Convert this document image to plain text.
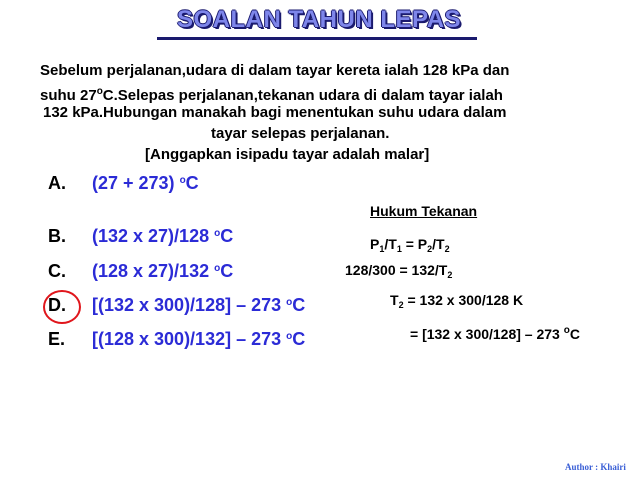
SOALAN TAHUN LEPAS
Sebelum perjalanan,udara di dalam tayar kereta ialah 128 kPa dan
suhu 27$^o$C.Selepas perjalanan,tekanan udara di dalam tayar ialah
132 kPa.Hubungan manakah bagi menentukan suhu udara dalam
tayar selepas perjalanan.
[Anggapkan isipadu tayar adalah malar]
A. (27 + 273) $^o$C
B. (132 x 27)/128 $^o$C
C. (128 x 27)/132 $^o$C
D. [(132 x 300)/128] – 273 $^o$C
E. [(128 x 300)/132] – 273 $^o$C
Hukum Tekanan
$P_1/T_1 = P_2/T_2$
$128/300 = 132/T_2$
$T_2 = 132$ x 300/128 K
= [132 x 300/128] – 273 $^o$C
Author : Khairi
